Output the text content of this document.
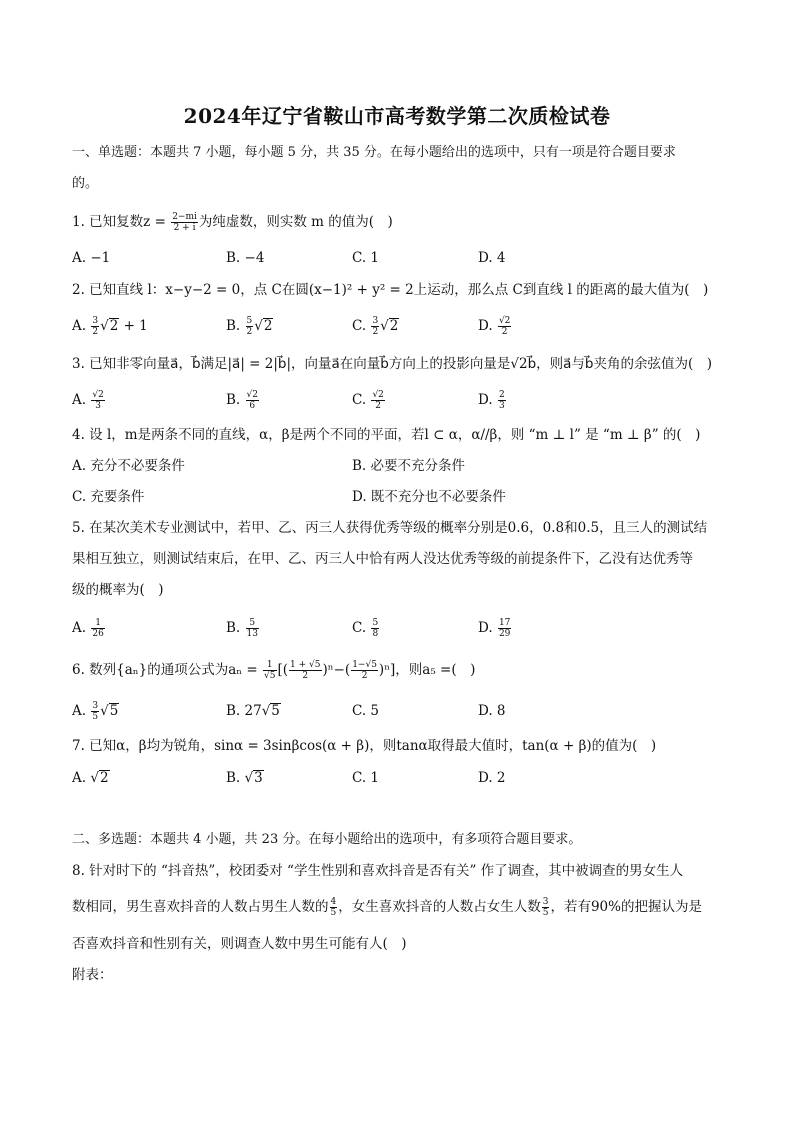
2024年辽宁省鞍山市高考数学第二次质检试卷
一、单选题：本题共 7 小题，每小题 5 分，共 35 分。在每小题给出的选项中，只有一项是符合题目要求
的。
1. 已知复数$z = \frac{2-mi}{2 + i}$ 为纯虚数，则实数 m 的值为(　)
A. −1	B. −4	C. 1	D. 4
2. 已知直线 l：x−y−2 = 0，点 C在圆(x−1)² + y² = 2上运动，那么点 C到直线 l 的距离的最大值为(　)
A. $\frac{3}{2} √2 + 1$	B. $\frac{5}{2} √2$	C. $\frac{3}{2} √2$	D. $\frac{√2}{2}$
3. 已知非零向量a⃗，b⃗满足|a⃗| = 2|b⃗|，向量a⃗在向量b⃗方向上的投影向量是√2b⃗，则a⃗与b⃗夹角的余弦值为(　)
A. $\frac{√2}{3}$	B. $\frac{√2}{6}$	C. $\frac{√2}{2}$	D. $\frac{2}{3}$
4. 设 l，m是两条不同的直线，α，β是两个不同的平面，若l ⊂ α，α//β，则 “m ⊥ l” 是 “m ⊥ β” 的(　)
A. 充分不必要条件	B. 必要不充分条件
C. 充要条件	D. 既不充分也不必要条件
5. 在某次美术专业测试中，若甲、乙、丙三人获得优秀等级的概率分别是0.6，0.8和0.5，且三人的测试结
果相互独立，则测试结束后，在甲、乙、丙三人中恰有两人没达优秀等级的前提条件下，乙没有达优秀等
级的概率为(　)
A. $\frac{1}{26}$	B. $\frac{5}{13}$	C. $\frac{5}{8}$	D. $\frac{17}{29}$
6. 数列{aₙ}的通项公式为$a_n = \frac{1}{√5}$ [( $\frac{1 + √5}{2} )^n-( \frac{1-√5}{2} )^n$]，则a₅ =(　)
A. $\frac{3}{5} √5$	B. 27√5	C. 5	D. 8
7. 已知α，β均为锐角，sinα = 3sinβcos(α + β)，则tanα取得最大值时，tan(α + β)的值为(　)
A. √2	B. √3	C. 1	D. 2
二、多选题：本题共 4 小题，共 23 分。在每小题给出的选项中，有多项符合题目要求。
8. 针对时下的 “抖音热”，校团委对 “学生性别和喜欢抖音是否有关” 作了调查，其中被调查的男女生人
数相同，男生喜欢抖音的人数占男生人数的 $\frac{4}{5}$ ，女生喜欢抖音的人数占女生人数 $\frac{3}{5}$ ，若有90%的把握认为是
否喜欢抖音和性别有关，则调查人数中男生可能有人(　)
附表：
